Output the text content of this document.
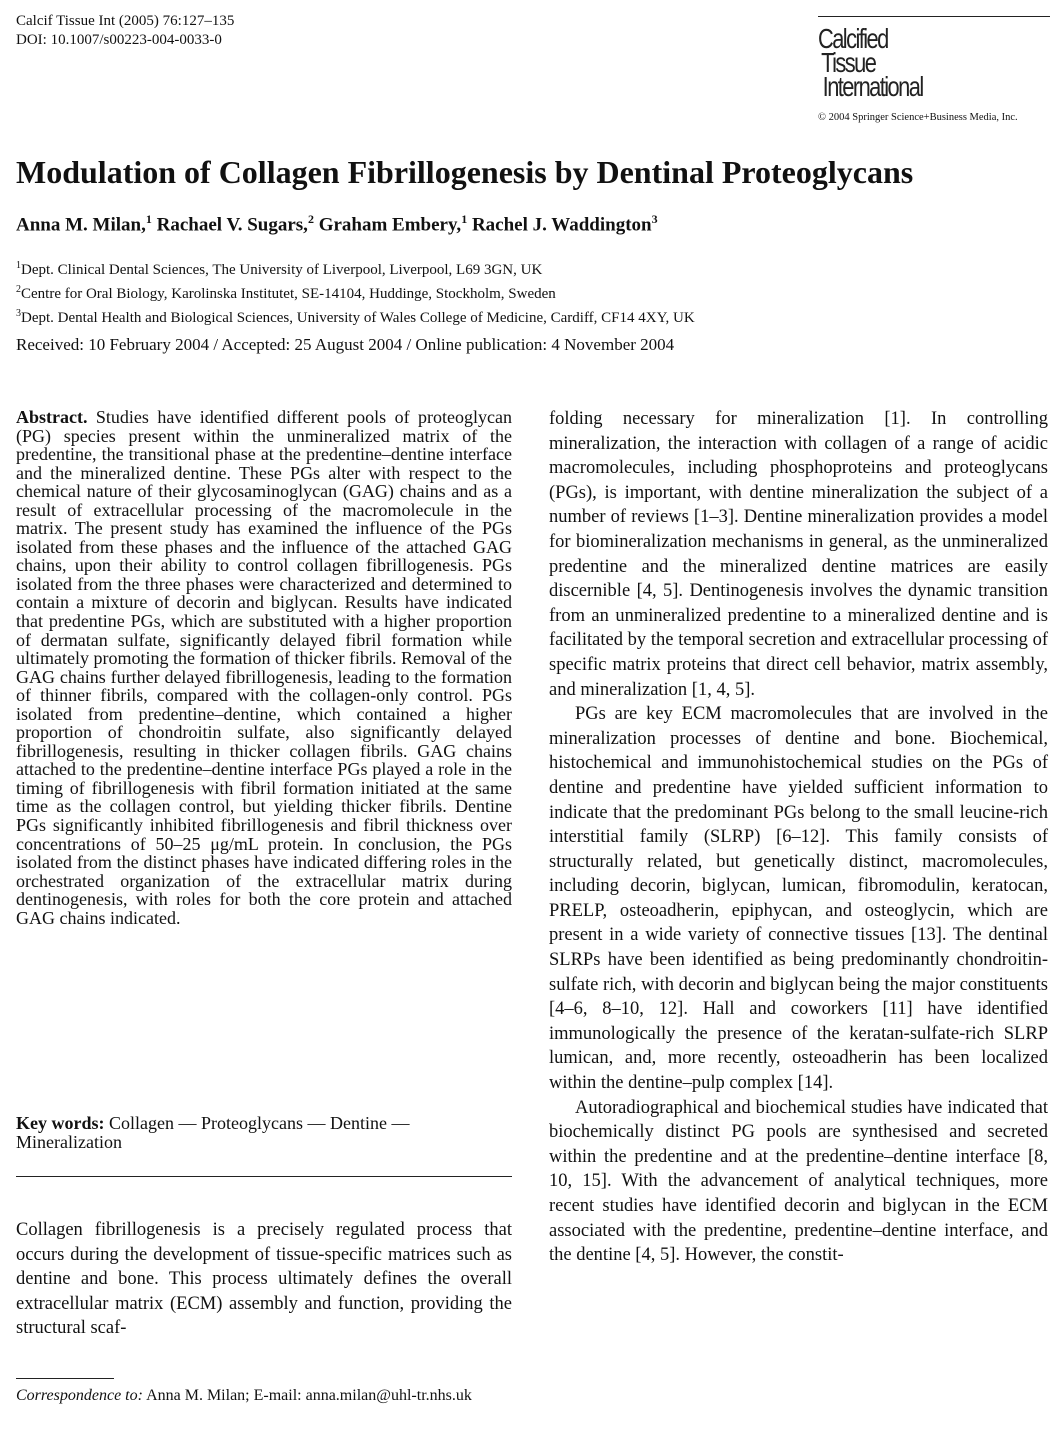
Calcif Tissue Int (2005) 76:127–135
DOI: 10.1007/s00223-004-0033-0	Calcified
Tissue
International
© 2004 Springer Science+Business Media, Inc.
Modulation of Collagen Fibrillogenesis by Dentinal Proteoglycans
Anna M. Milan,$^1$ Rachael V. Sugars,$^2$ Graham Embery,$^1$ Rachel J. Waddington$^3$
$^1$Dept. Clinical Dental Sciences, The University of Liverpool, Liverpool, L69 3GN, UK
$^2$Centre for Oral Biology, Karolinska Institutet, SE-14104, Huddinge, Stockholm, Sweden
$^3$Dept. Dental Health and Biological Sciences, University of Wales College of Medicine, Cardiff, CF14 4XY, UK
Received: 10 February 2004 / Accepted: 25 August 2004 / Online publication: 4 November 2004

Abstract. Studies have identified different pools of proteoglycan (PG) species present within the unmineralized matrix of the predentine, the transitional phase at the predentine–dentine interface and the mineralized dentine. These PGs alter with respect to the chemical nature of their glycosaminoglycan (GAG) chains and as a result of extracellular processing of the macromolecule in the matrix. The present study has examined the influence of the PGs isolated from these phases and the influence of the attached GAG chains, upon their ability to control collagen fibrillogenesis. PGs isolated from the three phases were characterized and determined to contain a mixture of decorin and biglycan. Results have indicated that predentine PGs, which are substituted with a higher proportion of dermatan sulfate, significantly delayed fibril formation while ultimately promoting the formation of thicker fibrils. Removal of the GAG chains further delayed fibrillogenesis, leading to the formation of thinner fibrils, compared with the collagen-only control. PGs isolated from predentine–dentine, which contained a higher proportion of chondroitin sulfate, also significantly delayed fibrillogenesis, resulting in thicker collagen fibrils. GAG chains attached to the predentine–dentine interface PGs played a role in the timing of fibrillogenesis with fibril formation initiated at the same time as the collagen control, but yielding thicker fibrils. Dentine PGs significantly inhibited fibrillogenesis and fibril thickness over concentrations of 50–25 μg/mL protein. In conclusion, the PGs isolated from the distinct phases have indicated differing roles in the orchestrated organization of the extracellular matrix during dentinogenesis, with roles for both the core protein and attached GAG chains indicated.

Key words: Collagen — Proteoglycans — Dentine — Mineralization

Collagen fibrillogenesis is a precisely regulated process that occurs during the development of tissue-specific matrices such as dentine and bone. This process ultimately defines the overall extracellular matrix (ECM) assembly and function, providing the structural scaf-

Correspondence to: Anna M. Milan; E-mail: anna.milan@uhl-tr.nhs.uk

folding necessary for mineralization [1]. In controlling mineralization, the interaction with collagen of a range of acidic macromolecules, including phosphoproteins and proteoglycans (PGs), is important, with dentine mineralization the subject of a number of reviews [1–3]. Dentine mineralization provides a model for biomineralization mechanisms in general, as the unmineralized predentine and the mineralized dentine matrices are easily discernible [4, 5]. Dentinogenesis involves the dynamic transition from an unmineralized predentine to a mineralized dentine and is facilitated by the temporal secretion and extracellular processing of specific matrix proteins that direct cell behavior, matrix assembly, and mineralization [1, 4, 5].

PGs are key ECM macromolecules that are involved in the mineralization processes of dentine and bone. Biochemical, histochemical and immunohistochemical studies on the PGs of dentine and predentine have yielded sufficient information to indicate that the predominant PGs belong to the small leucine-rich interstitial family (SLRP) [6–12]. This family consists of structurally related, but genetically distinct, macromolecules, including decorin, biglycan, lumican, fibromodulin, keratocan, PRELP, osteoadherin, epiphycan, and osteoglycin, which are present in a wide variety of connective tissues [13]. The dentinal SLRPs have been identified as being predominantly chondroitin-sulfate rich, with decorin and biglycan being the major constituents [4–6, 8–10, 12]. Hall and coworkers [11] have identified immunologically the presence of the keratan-sulfate-rich SLRP lumican, and, more recently, osteoadherin has been localized within the dentine–pulp complex [14].

Autoradiographical and biochemical studies have indicated that biochemically distinct PG pools are synthesised and secreted within the predentine and at the predentine–dentine interface [8, 10, 15]. With the advancement of analytical techniques, more recent studies have identified decorin and biglycan in the ECM associated with the predentine, predentine–dentine interface, and the dentine [4, 5]. However, the constit-
